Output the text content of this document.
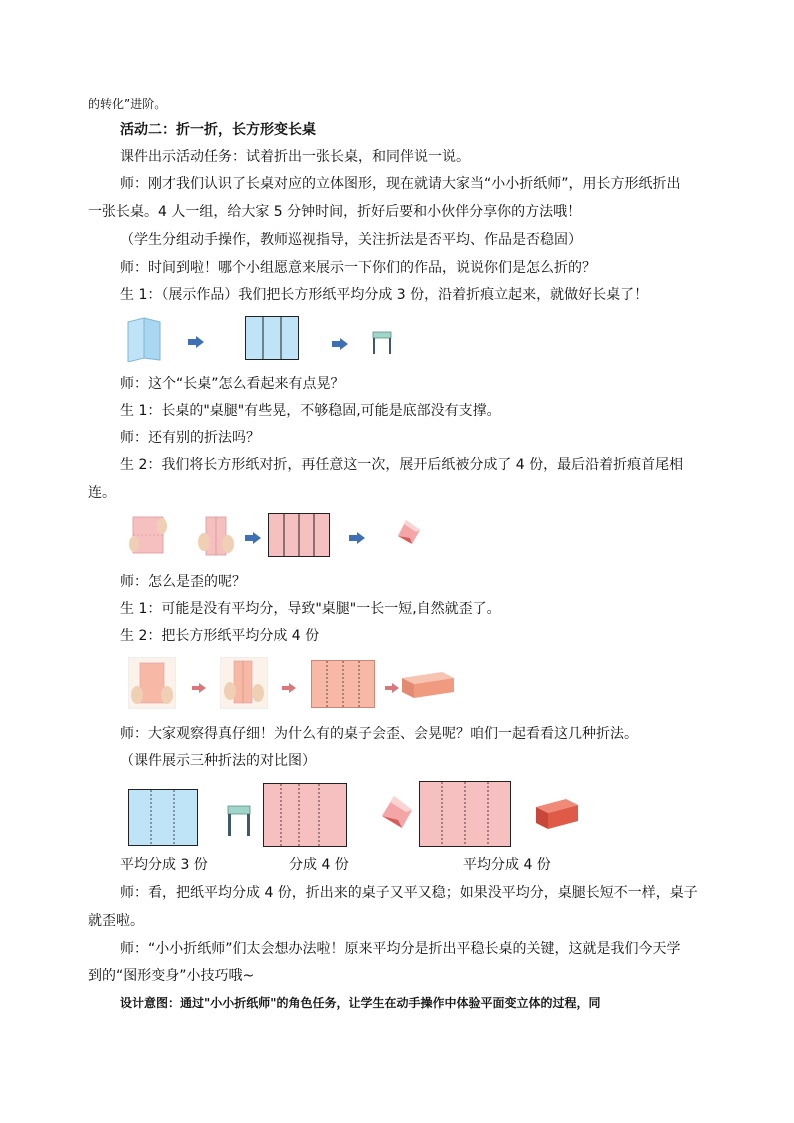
的转化”进阶。
活动二：折一折，长方形变长桌
课件出示活动任务：试着折出一张长桌，和同伴说一说。
师：刚才我们认识了长桌对应的立体图形，现在就请大家当“小小折纸师”，用长方形纸折出
一张长桌。4 人一组，给大家 5 分钟时间，折好后要和小伙伴分享你的方法哦！
（学生分组动手操作，教师巡视指导，关注折法是否平均、作品是否稳固）
师：时间到啦！哪个小组愿意来展示一下你们的作品，说说你们是怎么折的？
生 1：（展示作品）我们把长方形纸平均分成 3 份，沿着折痕立起来，就做好长桌了！
师：这个“长桌”怎么看起来有点晃？
生 1：长桌的"桌腿"有些晃，不够稳固,可能是底部没有支撑。
师：还有别的折法吗？
生 2：我们将长方形纸对折，再任意这一次，展开后纸被分成了 4 份，最后沿着折痕首尾相
连。
师：怎么是歪的呢？
生 1：可能是没有平均分，导致"桌腿"一长一短,自然就歪了。
生 2：把长方形纸平均分成 4 份
师：大家观察得真仔细！为什么有的桌子会歪、会晃呢？咱们一起看看这几种折法。
（课件展示三种折法的对比图）
平均分成 3 份	分成 4 份	平均分成 4 份
师：看，把纸平均分成 4 份，折出来的桌子又平又稳；如果没平均分，桌腿长短不一样，桌子
就歪啦。
师：“小小折纸师”们太会想办法啦！原来平均分是折出平稳长桌的关键，这就是我们今天学
到的“图形变身”小技巧哦~
设计意图：通过"小小折纸师"的角色任务，让学生在动手操作中体验平面变立体的过程，同
